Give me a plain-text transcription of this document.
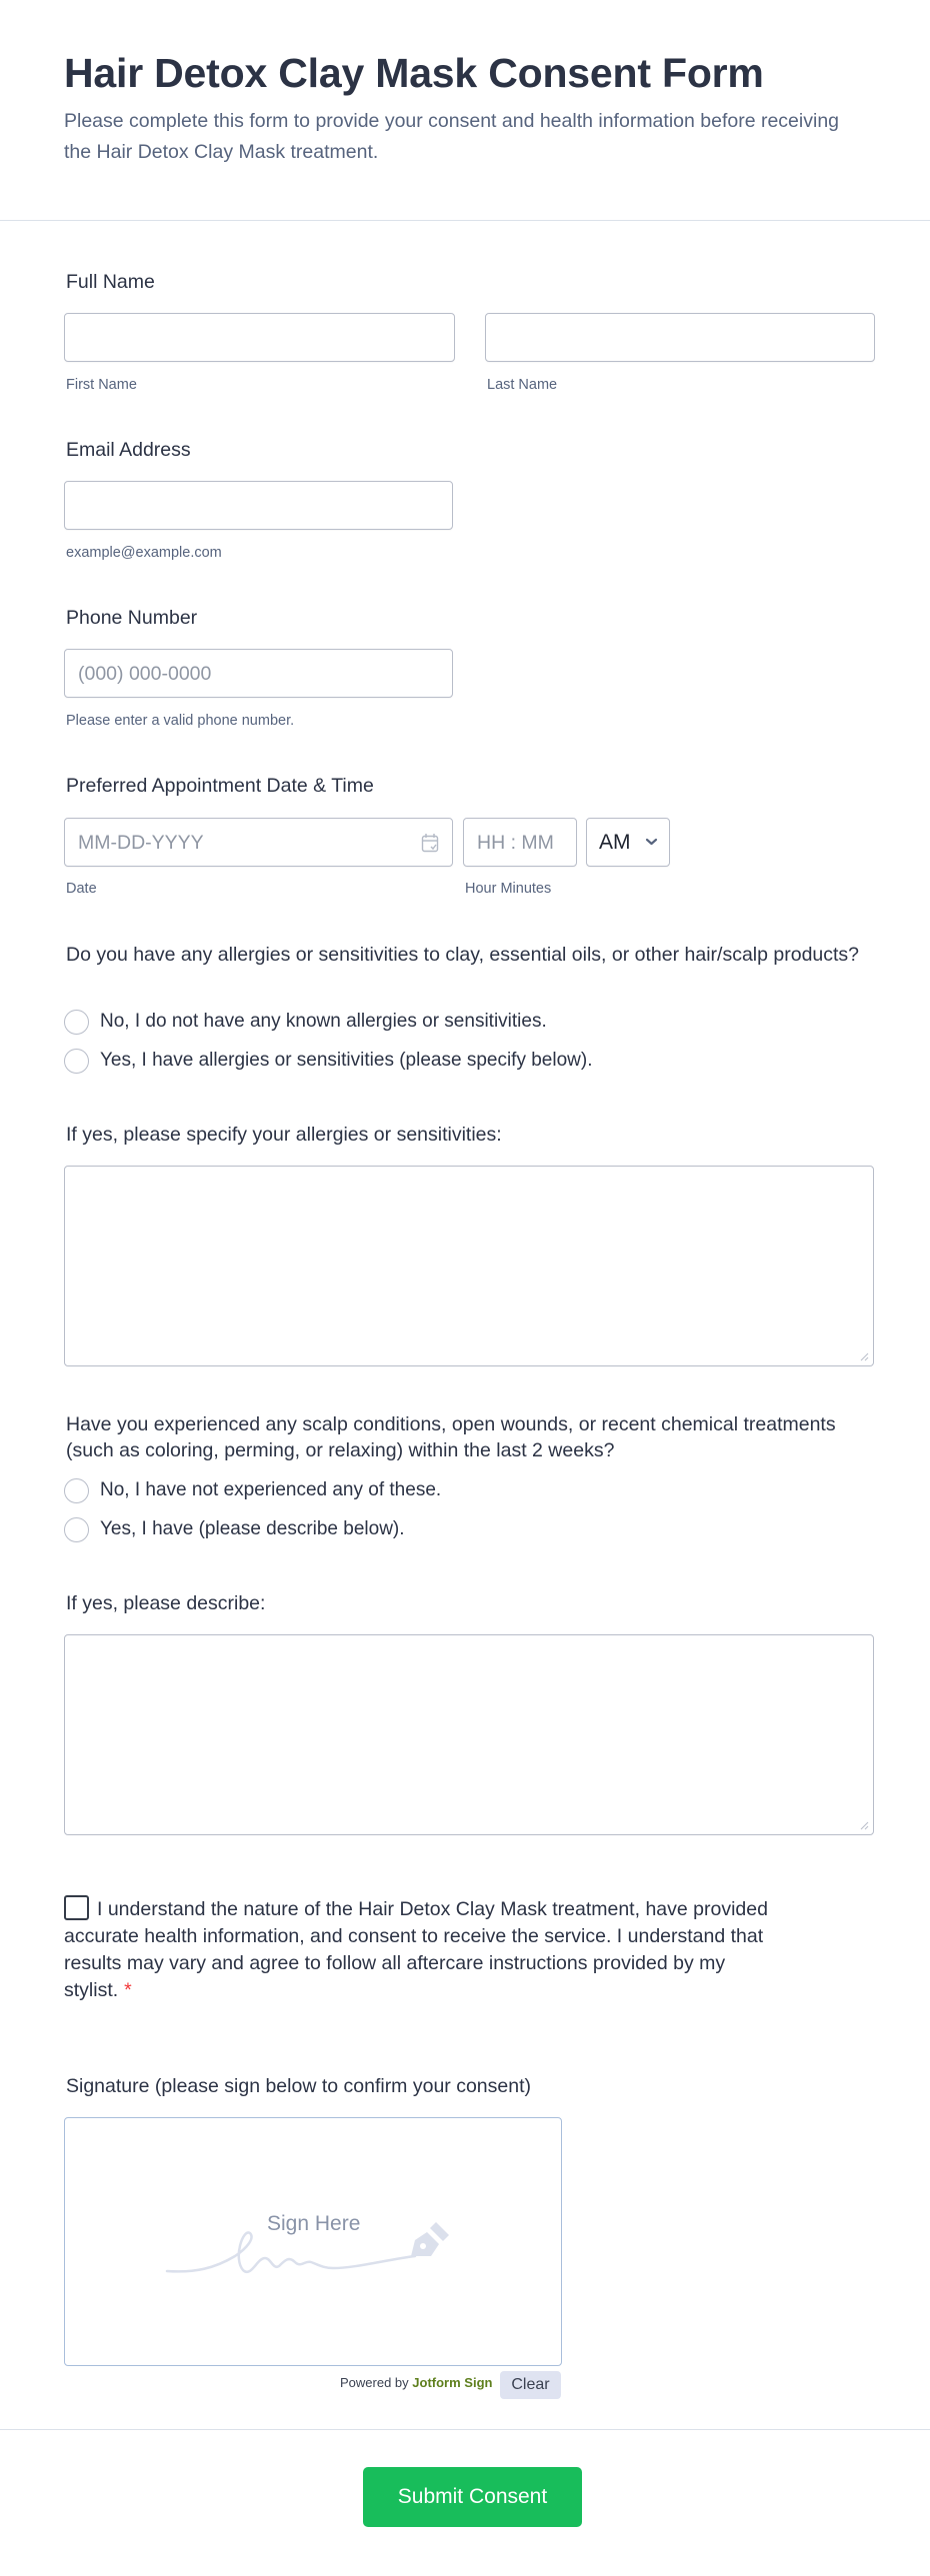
Hair Detox Clay Mask Consent Form

Please complete this form to provide your consent and health information before receiving the Hair Detox Clay Mask treatment.

Full Name
First Name	Last Name
Email Address
example@example.com
Phone Number
(000) 000-0000
Please enter a valid phone number.
Preferred Appointment Date & Time
MM-DD-YYYY	HH : MM AM
Date	Hour Minutes
Do you have any allergies or sensitivities to clay, essential oils, or other hair/scalp products?
No, I do not have any known allergies or sensitivities.
Yes, I have allergies or sensitivities (please specify below).
If yes, please specify your allergies or sensitivities:
Have you experienced any scalp conditions, open wounds, or recent chemical treatments (such as coloring, perming, or relaxing) within the last 2 weeks?
No, I have not experienced any of these.
Yes, I have (please describe below).
If yes, please describe:
I understand the nature of the Hair Detox Clay Mask treatment, have provided accurate health information, and consent to receive the service. I understand that results may vary and agree to follow all aftercare instructions provided by my stylist. *
Signature (please sign below to confirm your consent)
Sign Here
Powered by Jotform Sign	Clear
Submit Consent
